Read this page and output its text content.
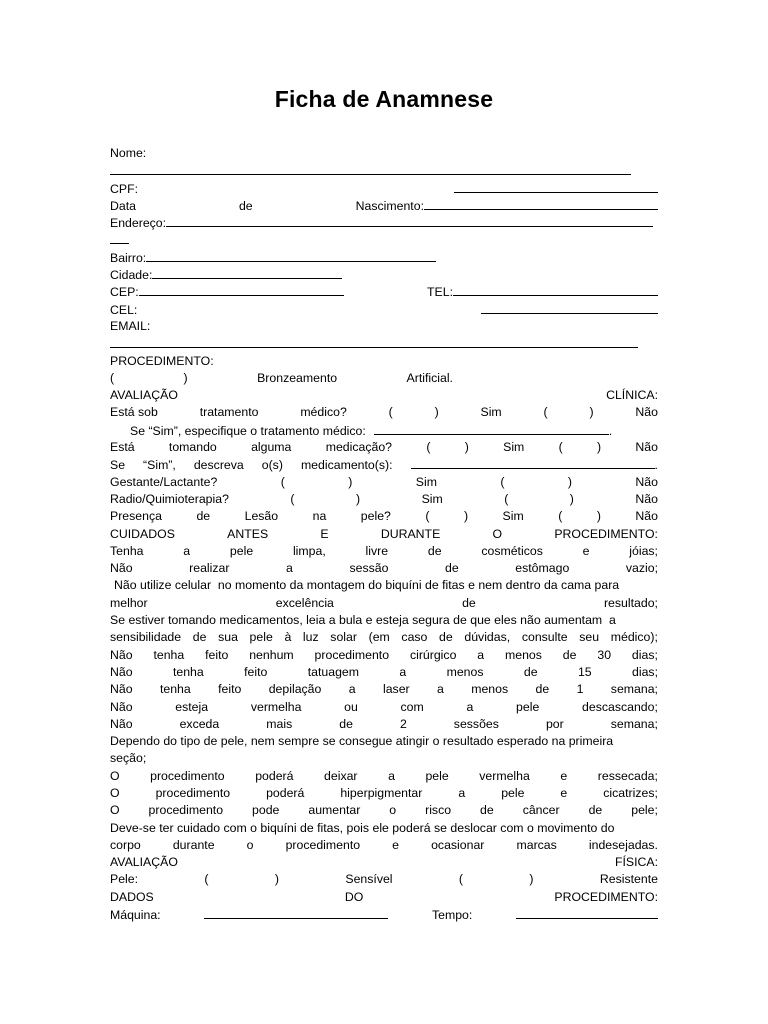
Ficha de Anamnese
Nome:
CPF:
Data	de	Nascimento:
Endereço:
Bairro:
Cidade:
CEP:	TEL:
CEL:
EMAIL:
PROCEDIMENTO:
(	)	Bronzeamento	Artificial.
AVALIAÇÃO	CLÍNICA:
Está sob	tratamento	médico?	(	)	Sim	(	)	Não
Se “Sim”, especifique o tratamento médico:	.
Está	tomando	alguma	medicação?	(	)	Sim	(	)	Não
Se “Sim”, descreva o(s) medicamento(s):	.
Gestante/Lactante?	(	)	Sim	(	)	Não
Radio/Quimioterapia?	(	)	Sim	(	)	Não
Presença	de	Lesão	na	pele?	(	)	Sim	(	)	Não
CUIDADOS	ANTES	E	DURANTE	O	PROCEDIMENTO:
Tenha	a	pele	limpa,	livre	de	cosméticos	e	jóias;
Não	realizar	a	sessão	de	estômago	vazio;
Não utilize celular  no momento da montagem do biquíni de fitas e nem dentro da cama para
melhor	excelência	de	resultado;
Se estiver tomando medicamentos, leia a bula e esteja segura de que eles não aumentam  a
sensibilidade de sua pele à luz solar (em caso de dúvidas, consulte seu médico);
Não tenha feito nenhum procedimento cirúrgico a menos de 30 dias;
Não	tenha	feito	tatuagem	a	menos	de	15	dias;
Não tenha feito depilação a laser a menos de 1 semana;
Não	esteja	vermelha	ou	com	a	pele	descascando;
Não	exceda	mais	de	2	sessões	por	semana;
Dependo do tipo de pele, nem sempre se consegue atingir o resultado esperado na primeira
seção;
O procedimento poderá deixar a pele vermelha e ressecada;
O	procedimento	poderá	hiperpigmentar	a	pele	e	cicatrizes;
O procedimento pode aumentar o risco de câncer de pele;
Deve-se ter cuidado com o biquíni de fitas, pois ele poderá se deslocar com o movimento do
corpo	durante	o	procedimento	e	ocasionar	marcas	indesejadas.
AVALIAÇÃO	FÍSICA:
Pele:	(	)	Sensível	(	)	Resistente
DADOS	DO	PROCEDIMENTO:
Máquina:	Tempo:
